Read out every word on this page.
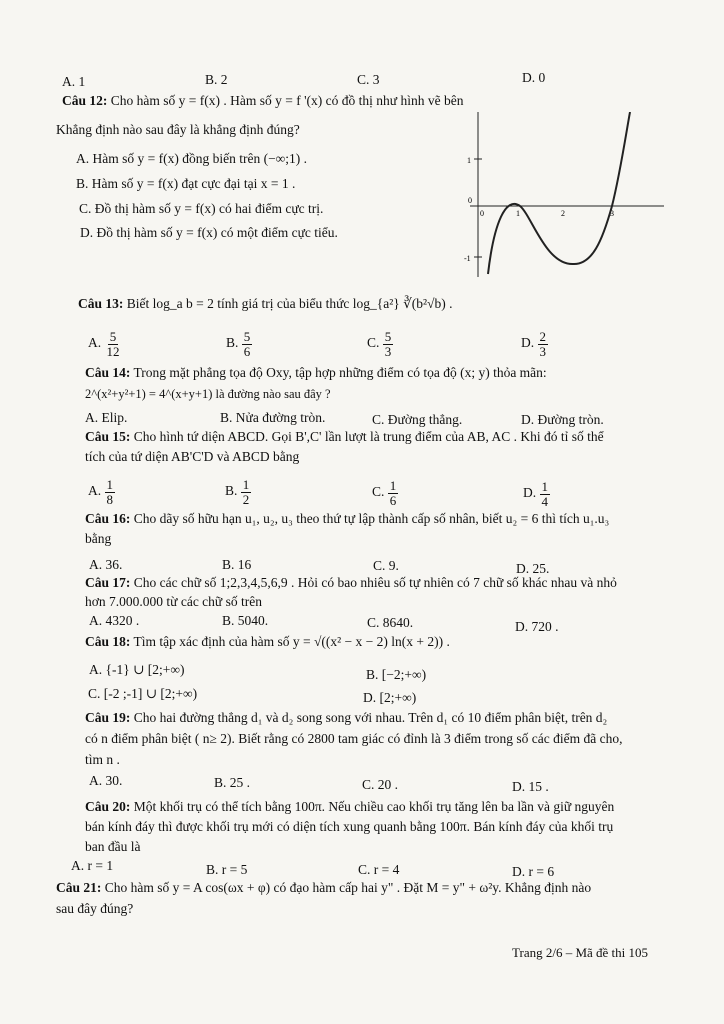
A. 1	B. 2	C. 3	D. 0
Câu 12: Cho hàm số y = f(x) . Hàm số y = f '(x) có đồ thị như hình vẽ bên
Khẳng định nào sau đây là khẳng định đúng?
A. Hàm số y = f(x) đồng biến trên (−∞;1) .
B. Hàm số y = f(x) đạt cực đại tại x = 1 .
C. Đồ thị hàm số y = f(x) có hai điểm cực trị.
D. Đồ thị hàm số y = f(x) có một điểm cực tiểu.
1
-1
0
0	1	2	3
Câu 13: Biết log_a b = 2 tính giá trị của biểu thức log_{a²} ∛(b²√b) .
A. $\frac{5}{12}$	B. $\frac{5}{6}$	C. $\frac{5}{3}$	D. $\frac{2}{3}$
Câu 14: Trong mặt phẳng tọa độ Oxy, tập hợp những điểm có tọa độ (x; y) thỏa mãn:
2^(x²+y²+1) = 4^(x+y+1) là đường nào sau đây ?
A. Elip.	B. Nửa đường tròn.	C. Đường thẳng.	D. Đường tròn.
Câu 15: Cho hình tứ diện ABCD. Gọi B',C' lần lượt là trung điểm của AB, AC . Khi đó tỉ số thể
tích của tứ diện AB'C'D và ABCD bằng
A. $\frac{1}{8}$	B. $\frac{1}{2}$	C. $\frac{1}{6}$	D. $\frac{1}{4}$
Câu 16: Cho dãy số hữu hạn u₁, u₂, u₃ theo thứ tự lập thành cấp số nhân, biết u₂ = 6 thì tích u₁.u₃
bằng
A. 36.	B. 16	C. 9.	D. 25.
Câu 17: Cho các chữ số 1;2,3,4,5,6,9 . Hỏi có bao nhiêu số tự nhiên có 7 chữ số khác nhau và nhỏ
hơn 7.000.000 từ các chữ số trên
A. 4320 .	B. 5040.	C. 8640.	D. 720 .
Câu 18: Tìm tập xác định của hàm số y = √((x² − x − 2) ln(x + 2)) .
A. {-1} ∪ [2;+∞)	B. [−2;+∞)
C. [-2 ;-1] ∪ [2;+∞)	D. [2;+∞)
Câu 19: Cho hai đường thẳng d₁ và d₂ song song với nhau. Trên d₁ có 10 điểm phân biệt, trên d₂
có n điểm phân biệt ( n≥ 2). Biết rằng có 2800 tam giác có đỉnh là 3 điểm trong số các điểm đã cho,
tìm n .
A. 30.	B. 25 .	C. 20 .	D. 15 .
Câu 20: Một khối trụ có thể tích bằng 100π. Nếu chiều cao khối trụ tăng lên ba lần và giữ nguyên
bán kính đáy thì được khối trụ mới có diện tích xung quanh bằng 100π. Bán kính đáy của khối trụ
ban đầu là
A. r = 1	B. r = 5	C. r = 4	D. r = 6
Câu 21: Cho hàm số y = A cos(ωx + φ) có đạo hàm cấp hai y" . Đặt M = y" + ω²y. Khẳng định nào
sau đây đúng?
Trang 2/6 – Mã đề thi 105
